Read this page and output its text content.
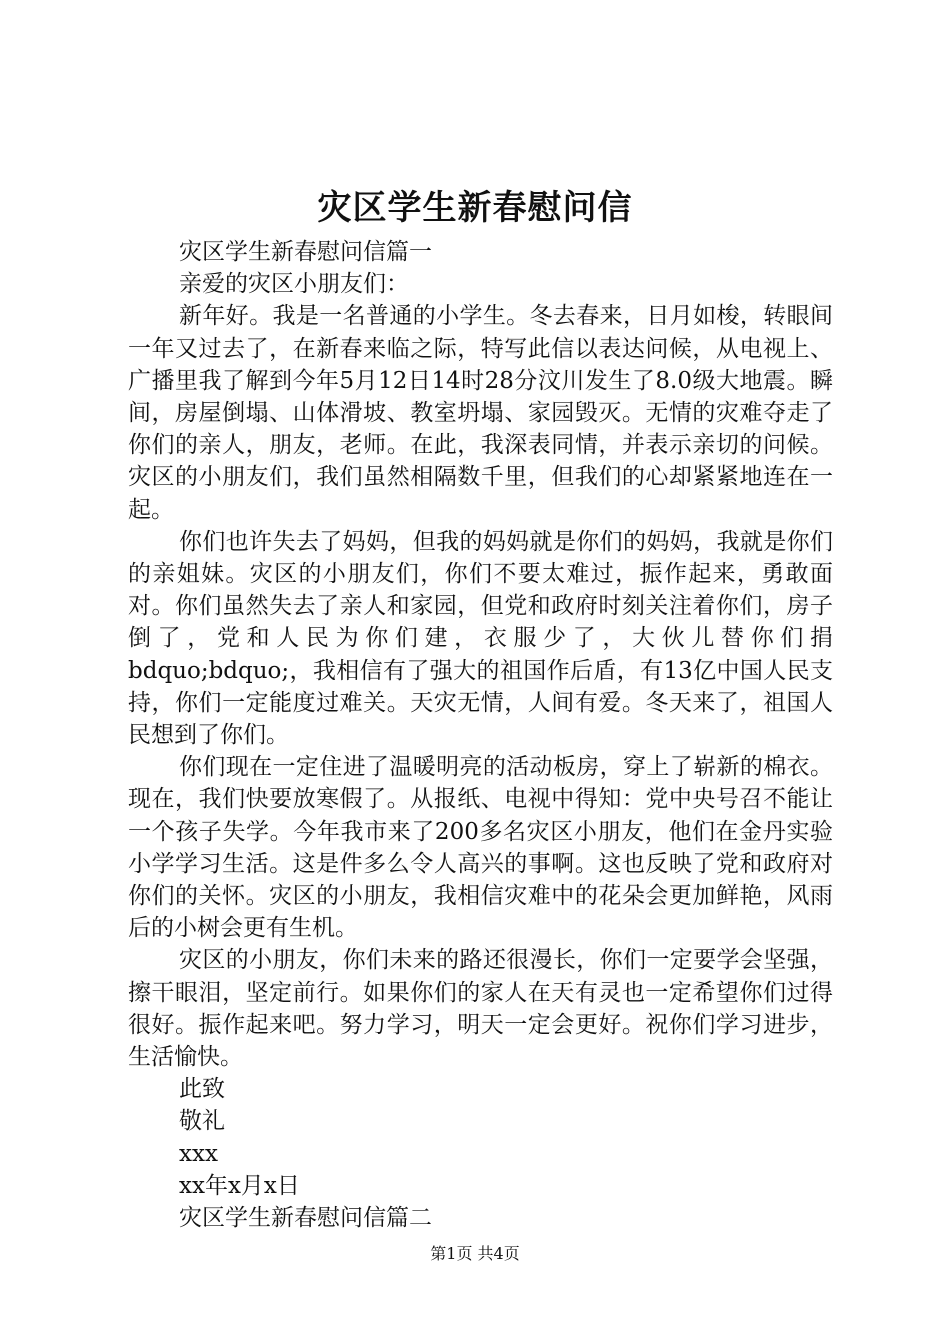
灾区学生新春慰问信

灾区学生新春慰问信篇一

亲爱的灾区小朋友们：

新年好。我是一名普通的小学生。冬去春来，日月如梭，转眼间一年又过去了，在新春来临之际，特写此信以表达问候，从电视上、广播里我了解到今年5月12日14时28分汶川发生了8.0级大地震。瞬间，房屋倒塌、山体滑坡、教室坍塌、家园毁灭。无情的灾难夺走了你们的亲人，朋友，老师。在此，我深表同情，并表示亲切的问候。灾区的小朋友们，我们虽然相隔数千里，但我们的心却紧紧地连在一起。

你们也许失去了妈妈，但我的妈妈就是你们的妈妈，我就是你们的亲姐妹。灾区的小朋友们，你们不要太难过，振作起来，勇敢面对。你们虽然失去了亲人和家园，但党和政府时刻关注着你们，房子倒了，党和人民为你们建，衣服少了，大伙儿替你们捐 bdquo;bdquo;，我相信有了强大的祖国作后盾，有13亿中国人民支持，你们一定能度过难关。天灾无情，人间有爱。冬天来了，祖国人民想到了你们。

你们现在一定住进了温暖明亮的活动板房，穿上了崭新的棉衣。现在，我们快要放寒假了。从报纸、电视中得知：党中央号召不能让一个孩子失学。今年我市来了200多名灾区小朋友，他们在金丹实验小学学习生活。这是件多么令人高兴的事啊。这也反映了党和政府对你们的关怀。灾区的小朋友，我相信灾难中的花朵会更加鲜艳，风雨后的小树会更有生机。

灾区的小朋友，你们未来的路还很漫长，你们一定要学会坚强，擦干眼泪，坚定前行。如果你们的家人在天有灵也一定希望你们过得很好。振作起来吧。努力学习，明天一定会更好。祝你们学习进步，生活愉快。

此致

敬礼

xxx

xx年x月x日

灾区学生新春慰问信篇二

第1页 共4页
